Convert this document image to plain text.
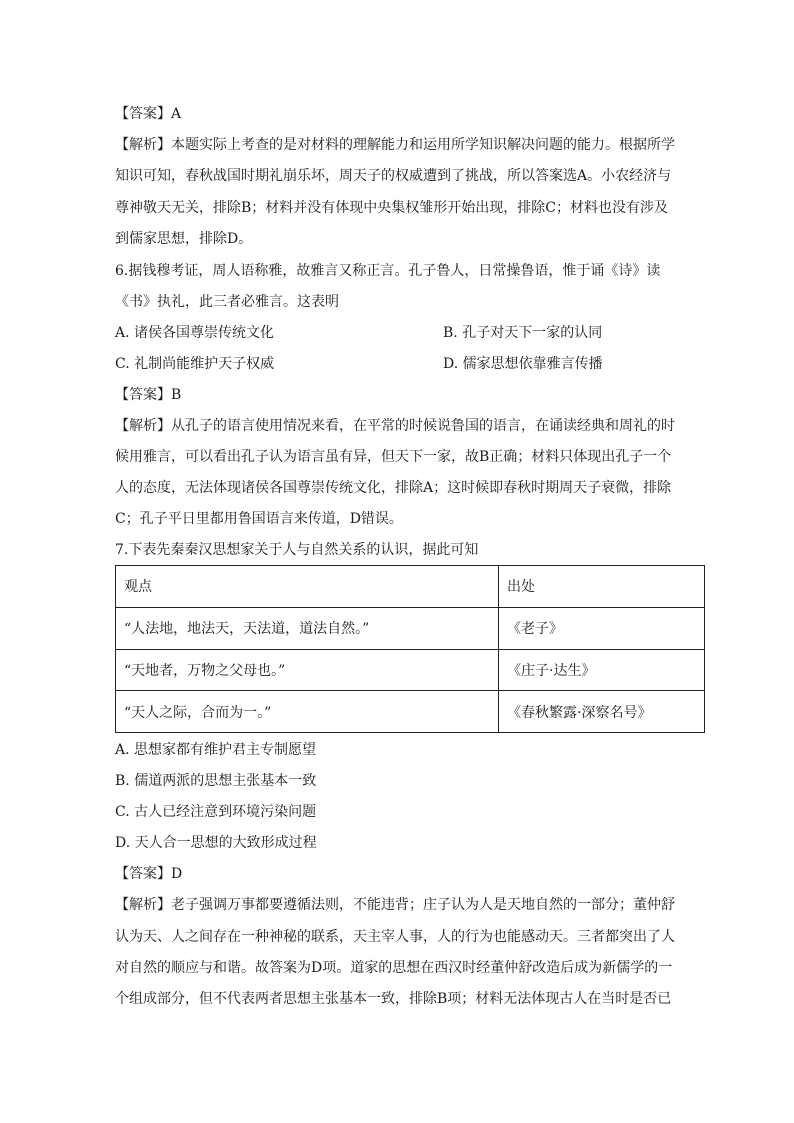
【答案】A
【解析】本题实际上考查的是对材料的理解能力和运用所学知识解决问题的能力。根据所学
知识可知，春秋战国时期礼崩乐坏，周天子的权威遭到了挑战，所以答案选A。小农经济与
尊神敬天无关，排除B；材料并没有体现中央集权雏形开始出现，排除C；材料也没有涉及
到儒家思想，排除D。
6.据钱穆考证，周人语称雅，故雅言又称正言。孔子鲁人，日常操鲁语，惟于诵《诗》读
《书》执礼，此三者必雅言。这表明
A. 诸侯各国尊崇传统文化	B. 孔子对天下一家的认同
C. 礼制尚能维护天子权威	D. 儒家思想依靠雅言传播
【答案】B
【解析】从孔子的语言使用情况来看，在平常的时候说鲁国的语言，在诵读经典和周礼的时
候用雅言，可以看出孔子认为语言虽有异，但天下一家，故B正确；材料只体现出孔子一个
人的态度，无法体现诸侯各国尊崇传统文化，排除A；这时候即春秋时期周天子衰微，排除
C；孔子平日里都用鲁国语言来传道，D错误。
7.下表先秦秦汉思想家关于人与自然关系的认识，据此可知
观点	出处
“人法地，地法天，天法道，道法自然。”	《老子》
“天地者，万物之父母也。”	《庄子·达生》
“天人之际，合而为一。”	《春秋繁露·深察名号》
A. 思想家都有维护君主专制愿望
B. 儒道两派的思想主张基本一致
C. 古人已经注意到环境污染问题
D. 天人合一思想的大致形成过程
【答案】D
【解析】老子强调万事都要遵循法则，不能违背；庄子认为人是天地自然的一部分；董仲舒
认为天、人之间存在一种神秘的联系，天主宰人事，人的行为也能感动天。三者都突出了人
对自然的顺应与和谐。故答案为D项。道家的思想在西汉时经董仲舒改造后成为新儒学的一
个组成部分，但不代表两者思想主张基本一致，排除B项；材料无法体现古人在当时是否已
